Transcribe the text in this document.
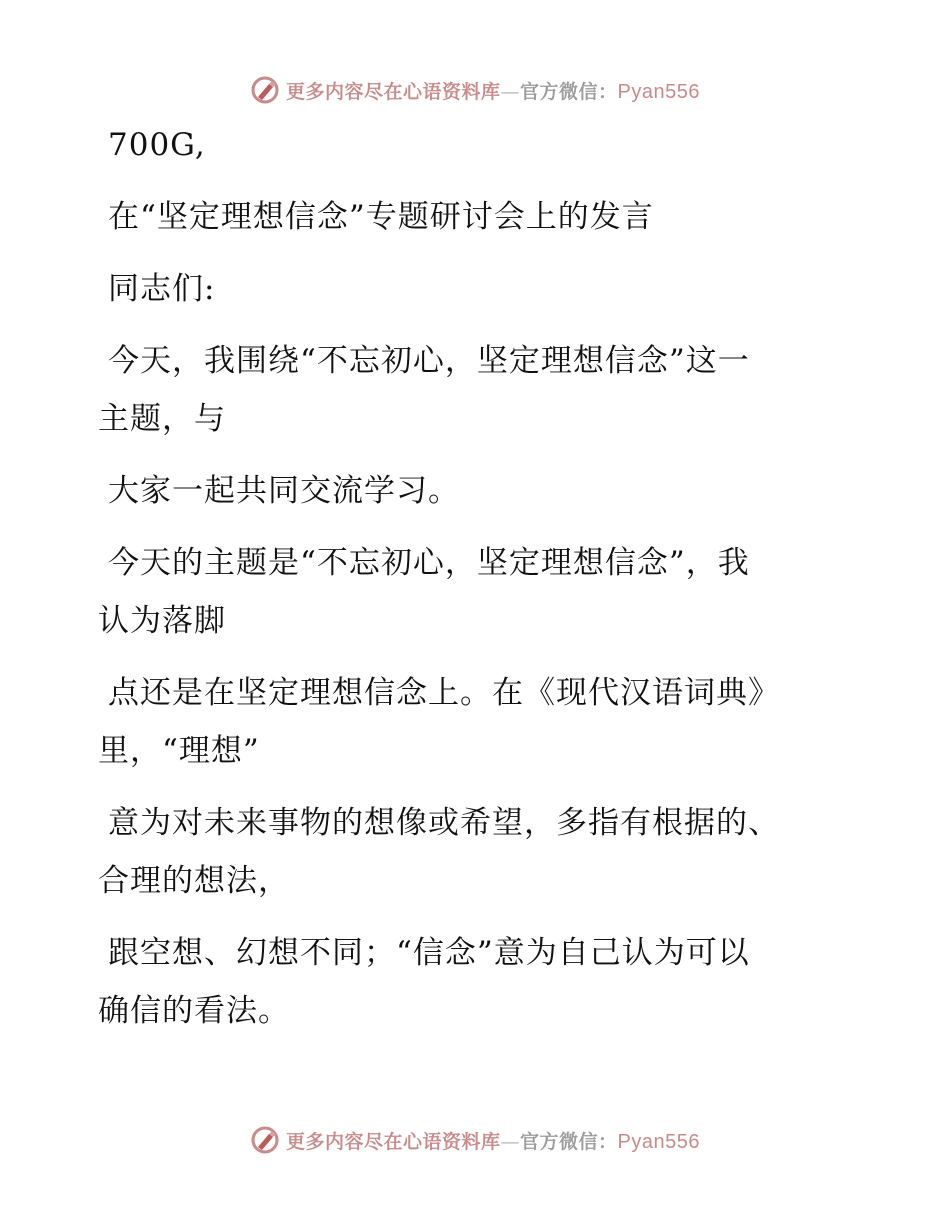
更多内容尽在心语资料库—官方微信：Pyan556
700G,
在“坚定理想信念”专题研讨会上的发言
同志们:
今天，我围绕“不忘初心，坚定理想信念”这一
主题，与
大家一起共同交流学习。
今天的主题是“不忘初心，坚定理想信念”，我
认为落脚
点还是在坚定理想信念上。在《现代汉语词典》
里，“理想”
意为对未来事物的想像或希望，多指有根据的、
合理的想法，
跟空想、幻想不同；“信念”意为自己认为可以
确信的看法。
更多内容尽在心语资料库—官方微信：Pyan556
